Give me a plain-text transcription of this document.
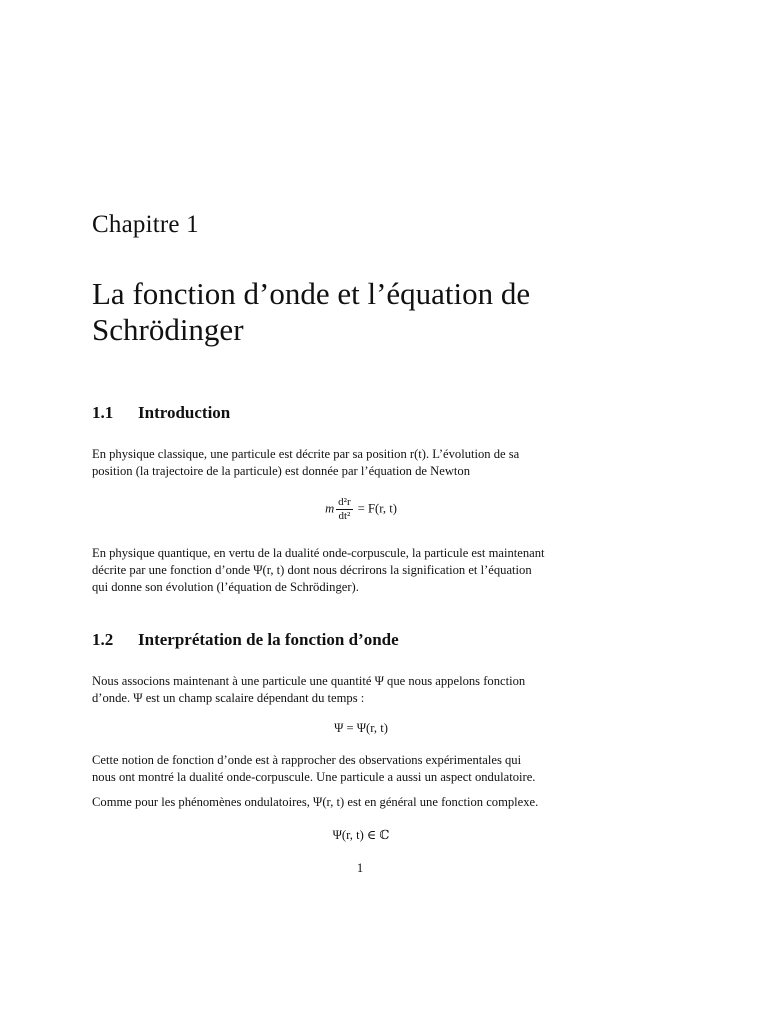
Chapitre 1
La fonction d’onde et l’équation de
Schrödinger
1.1 Introduction
En physique classique, une particule est décrite par sa position r(t). L’évolution de sa
position (la trajectoire de la particule) est donnée par l’équation de Newton
m $\frac{\text{d²r}}{\text{dt²}} = F(r$, t)
En physique quantique, en vertu de la dualité onde-corpuscule, la particule est maintenant
décrite par une fonction d’onde Ψ(r, t) dont nous décrirons la signification et l’équation
qui donne son évolution (l’équation de Schrödinger).
1.2 Interprétation de la fonction d’onde
Nous associons maintenant à une particule une quantité Ψ que nous appelons fonction
d’onde. Ψ est un champ scalaire dépendant du temps :
Ψ = Ψ(r, t)
Cette notion de fonction d’onde est à rapprocher des observations expérimentales qui
nous ont montré la dualité onde-corpuscule. Une particule a aussi un aspect ondulatoire.
Comme pour les phénomènes ondulatoires, Ψ(r, t) est en général une fonction complexe.
Ψ(r, t) ∈ ℂ
1
